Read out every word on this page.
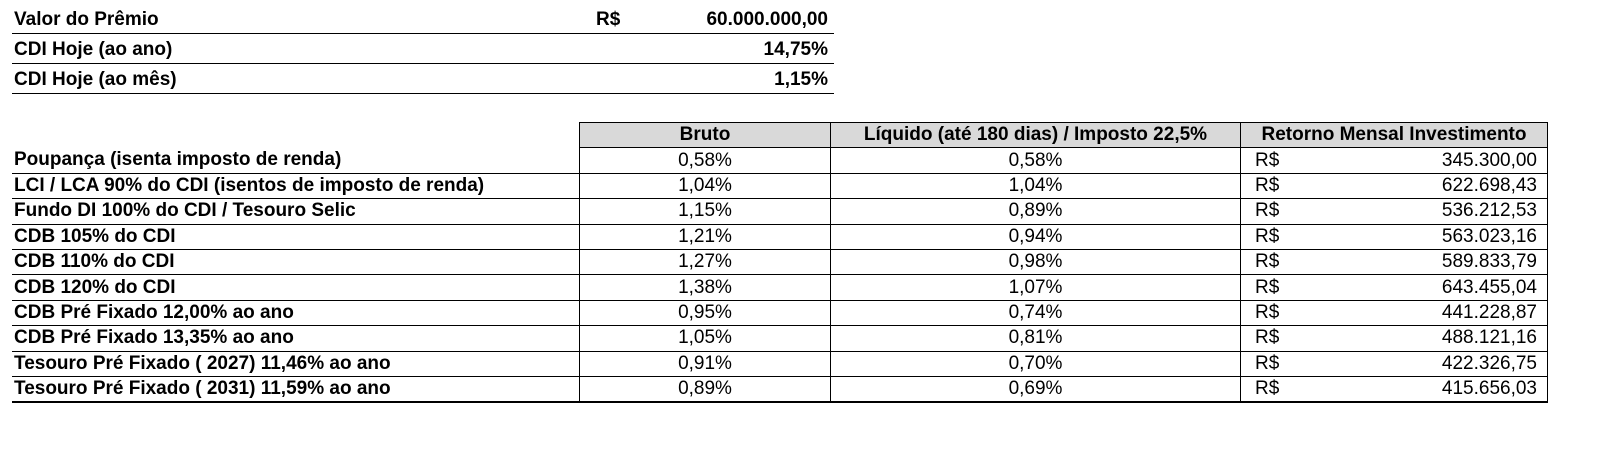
Valor do Prêmio	R$	60.000.000,00
CDI Hoje (ao ano)	14,75%
CDI Hoje (ao mês)	1,15%
	Bruto	Líquido (até 180 dias) / Imposto 22,5%	Retorno Mensal Investimento
Poupança (isenta imposto de renda)	0,58%	0,58%	R$ 345.300,00

LCI / LCA 90% do CDI (isentos de imposto de renda)	1,04%	1,04%	R$ 622.698,43

Fundo DI 100% do CDI / Tesouro Selic	1,15%	0,89%	R$ 536.212,53

CDB 105% do CDI	1,21%	0,94%	R$ 563.023,16

CDB 110% do CDI	1,27%	0,98%	R$ 589.833,79

CDB 120% do CDI	1,38%	1,07%	R$ 643.455,04

CDB Pré Fixado 12,00% ao ano	0,95%	0,74%	R$ 441.228,87

CDB Pré Fixado 13,35% ao ano	1,05%	0,81%	R$ 488.121,16

Tesouro Pré Fixado ( 2027) 11,46% ao ano	0,91%	0,70%	R$ 422.326,75

Tesouro Pré Fixado ( 2031) 11,59% ao ano	0,89%	0,69%	R$ 415.656,03
